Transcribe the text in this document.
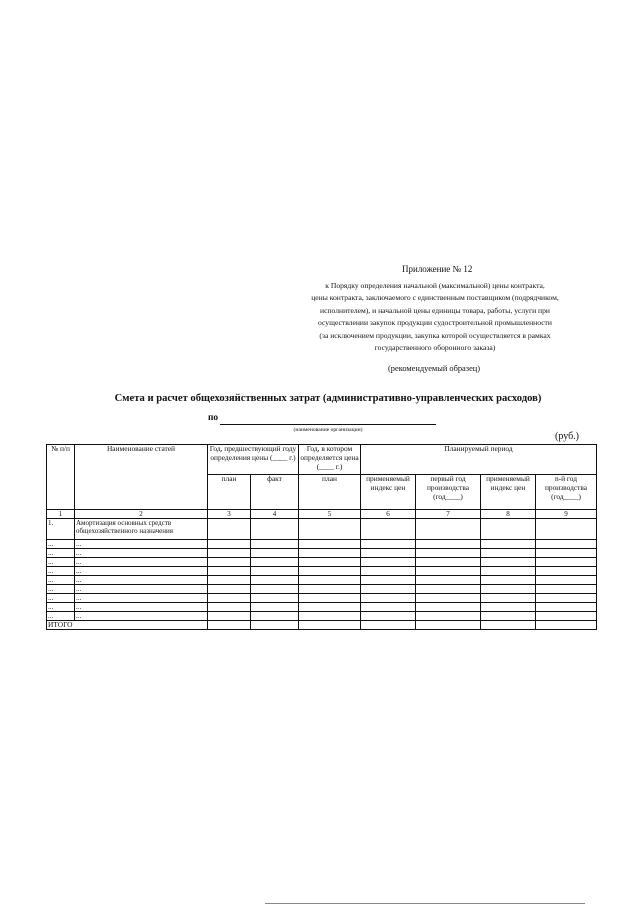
Приложение № 12
к Порядку определения начальной (максимальной) цены контракта,
цены контракта, заключаемого с единственным поставщиком (подрядчиком,
исполнителем), и начальной цены единицы товара, работы, услуги при
осуществлении закупок продукции судостроительной промышленности
(за исключением продукции, закупка которой осуществляется в рамках
государственного оборонного заказа)
(рекомендуемый образец)
Смета и расчет общехозяйственных затрат (административно-управленческих расходов)
по
(наименование организации)
(руб.)
№ п/п	Наименование статей	Год, предшествующий году определения цены (____ г.)		Год, в котором определяется цена (____ г.)	Планируемый период			
		план	факт	план	применяемый индекс цен	первый год производства (год____)	применяемый индекс цен	n-й год производства (год____)
1	2	3	4	5	6	7	8	9
1.	Амортизация основных средств общехозяйственного назначения							
...	...							
...	...							
...	...							
...	...							
...	...							
...	...							
...	...							
...	...							
...	...							
ИТОГО								
